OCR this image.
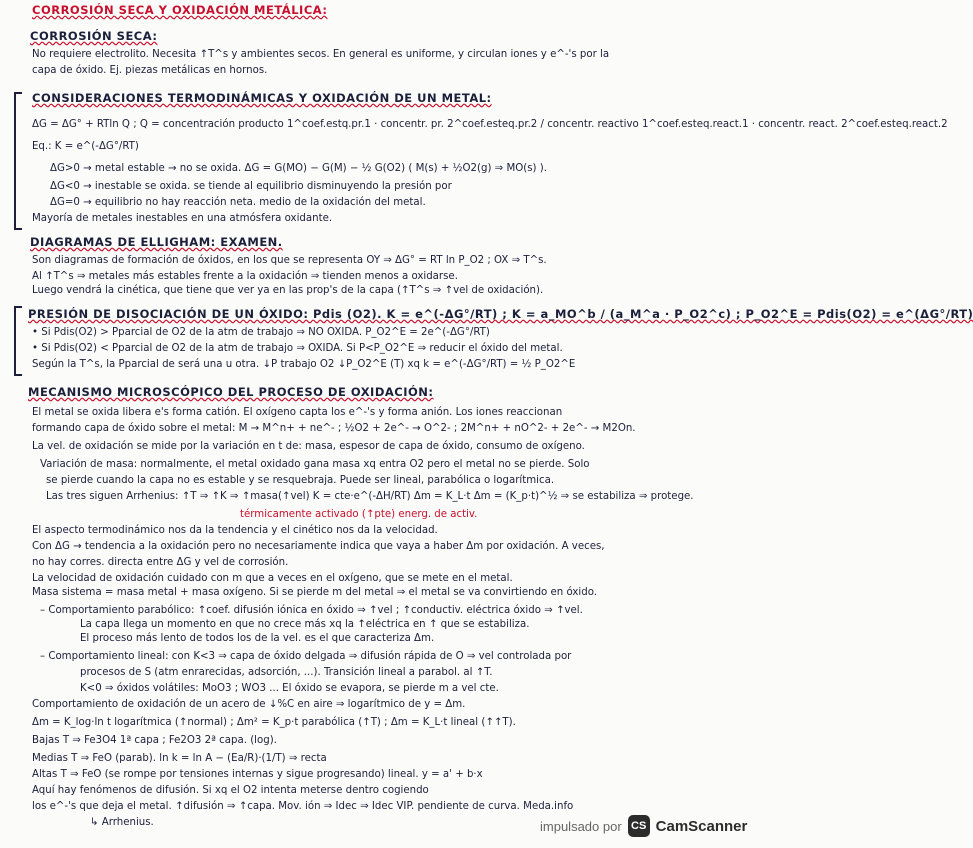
CORROSIÓN SECA Y OXIDACIÓN METÁLICA:
CORROSIÓN SECA:
No requiere electrolito. Necesita ↑T^s y ambientes secos. En general es uniforme, y circulan iones y e^-'s por la
capa de óxido. Ej. piezas metálicas en hornos.
CONSIDERACIONES TERMODINÁMICAS Y OXIDACIÓN DE UN METAL:
ΔG = ΔG° + RTln Q ; Q = concentración producto 1^coef.estq.pr.1 · concentr. pr. 2^coef.esteq.pr.2 / concentr. reactivo 1^coef.esteq.react.1 · concentr. react. 2^coef.esteq.react.2
Eq.: K = e^(-ΔG°/RT)
ΔG>0 → metal estable → no se oxida. ΔG = G(MO) − G(M) − ½ G(O2) ( M(s) + ½O2(g) ⇒ MO(s) ).
ΔG<0 → inestable se oxida. se tiende al equilibrio disminuyendo la presión por
ΔG=0 → equilibrio no hay reacción neta. medio de la oxidación del metal.
Mayoría de metales inestables en una atmósfera oxidante.
DIAGRAMAS DE ELLIGHAM: EXAMEN.
Son diagramas de formación de óxidos, en los que se representa OY ⇒ ΔG° = RT ln P_O2 ; OX ⇒ T^s.
Al ↑T^s ⇒ metales más estables frente a la oxidación ⇒ tienden menos a oxidarse.
Luego vendrá la cinética, que tiene que ver ya en las prop's de la capa (↑T^s ⇒ ↑vel de oxidación).
PRESIÓN DE DISOCIACIÓN DE UN ÓXIDO: Pdis (O2). K = e^(-ΔG°/RT) ; K = a_MO^b / (a_M^a · P_O2^c) ; P_O2^E = Pdis(O2) = e^(ΔG°/RT)
• Si Pdis(O2) > Pparcial de O2 de la atm de trabajo ⇒ NO OXIDA. P_O2^E = 2e^(-ΔG°/RT)
• Si Pdis(O2) < Pparcial de O2 de la atm de trabajo ⇒ OXIDA. Si P<P_O2^E ⇒ reducir el óxido del metal.
Según la T^s, la Pparcial de será una u otra. ↓P trabajo O2 ↓P_O2^E (T) xq k = e^(-ΔG°/RT) = ½ P_O2^E
MECANISMO MICROSCÓPICO DEL PROCESO DE OXIDACIÓN:
El metal se oxida libera e's forma catión. El oxígeno capta los e^-'s y forma anión. Los iones reaccionan
formando capa de óxido sobre el metal: M → M^n+ + ne^- ; ½O2 + 2e^- → O^2- ; 2M^n+ + nO^2- + 2e^- → M2On.
La vel. de oxidación se mide por la variación en t de: masa, espesor de capa de óxido, consumo de oxígeno.
Variación de masa: normalmente, el metal oxidado gana masa xq entra O2 pero el metal no se pierde. Solo
se pierde cuando la capa no es estable y se resquebraja. Puede ser lineal, parabólica o logarítmica.
Las tres siguen Arrhenius: ↑T ⇒ ↑K ⇒ ↑masa(↑vel) K = cte·e^(-ΔH/RT) Δm = K_L·t Δm = (K_p·t)^½ ⇒ se estabiliza ⇒ protege.
térmicamente activado (↑pte) energ. de activ.
El aspecto termodinámico nos da la tendencia y el cinético nos da la velocidad.
Con ΔG → tendencia a la oxidación pero no necesariamente indica que vaya a haber Δm por oxidación. A veces,
no hay corres. directa entre ΔG y vel de corrosión.
La velocidad de oxidación cuidado con m que a veces en el oxígeno, que se mete en el metal.
Masa sistema = masa metal + masa oxígeno. Si se pierde m del metal ⇒ el metal se va convirtiendo en óxido.
– Comportamiento parabólico: ↑coef. difusión iónica en óxido ⇒ ↑vel ; ↑conductiv. eléctrica óxido ⇒ ↑vel.
La capa llega un momento en que no crece más xq la ↑eléctrica en ↑ que se estabiliza.
El proceso más lento de todos los de la vel. es el que caracteriza Δm.
– Comportamiento lineal: con K<3 ⇒ capa de óxido delgada ⇒ difusión rápida de O ⇒ vel controlada por
procesos de S (atm enrarecidas, adsorción, ...). Transición lineal a parabol. al ↑T.
K<0 ⇒ óxidos volátiles: MoO3 ; WO3 ... El óxido se evapora, se pierde m a vel cte.
Comportamiento de oxidación de un acero de ↓%C en aire ⇒ logarítmico de y = Δm.
Δm = K_log·ln t logarítmica (↑normal) ; Δm² = K_p·t parabólica (↑T) ; Δm = K_L·t lineal (↑↑T).
Bajas T ⇒ Fe3O4 1ª capa ; Fe2O3 2ª capa. (log).
Medias T ⇒ FeO (parab). ln k = ln A − (Ea/R)·(1/T) ⇒ recta
Altas T ⇒ FeO (se rompe por tensiones internas y sigue progresando) lineal. y = a' + b·x
Aquí hay fenómenos de difusión. Si xq el O2 intenta meterse dentro cogiendo
los e^-'s que deja el metal. ↑difusión ⇒ ↑capa. Mov. ión ⇒ Idec ⇒ Idec VIP. pendiente de curva. Meda.info
↳ Arrhenius.	impulsado por CS CamScanner
